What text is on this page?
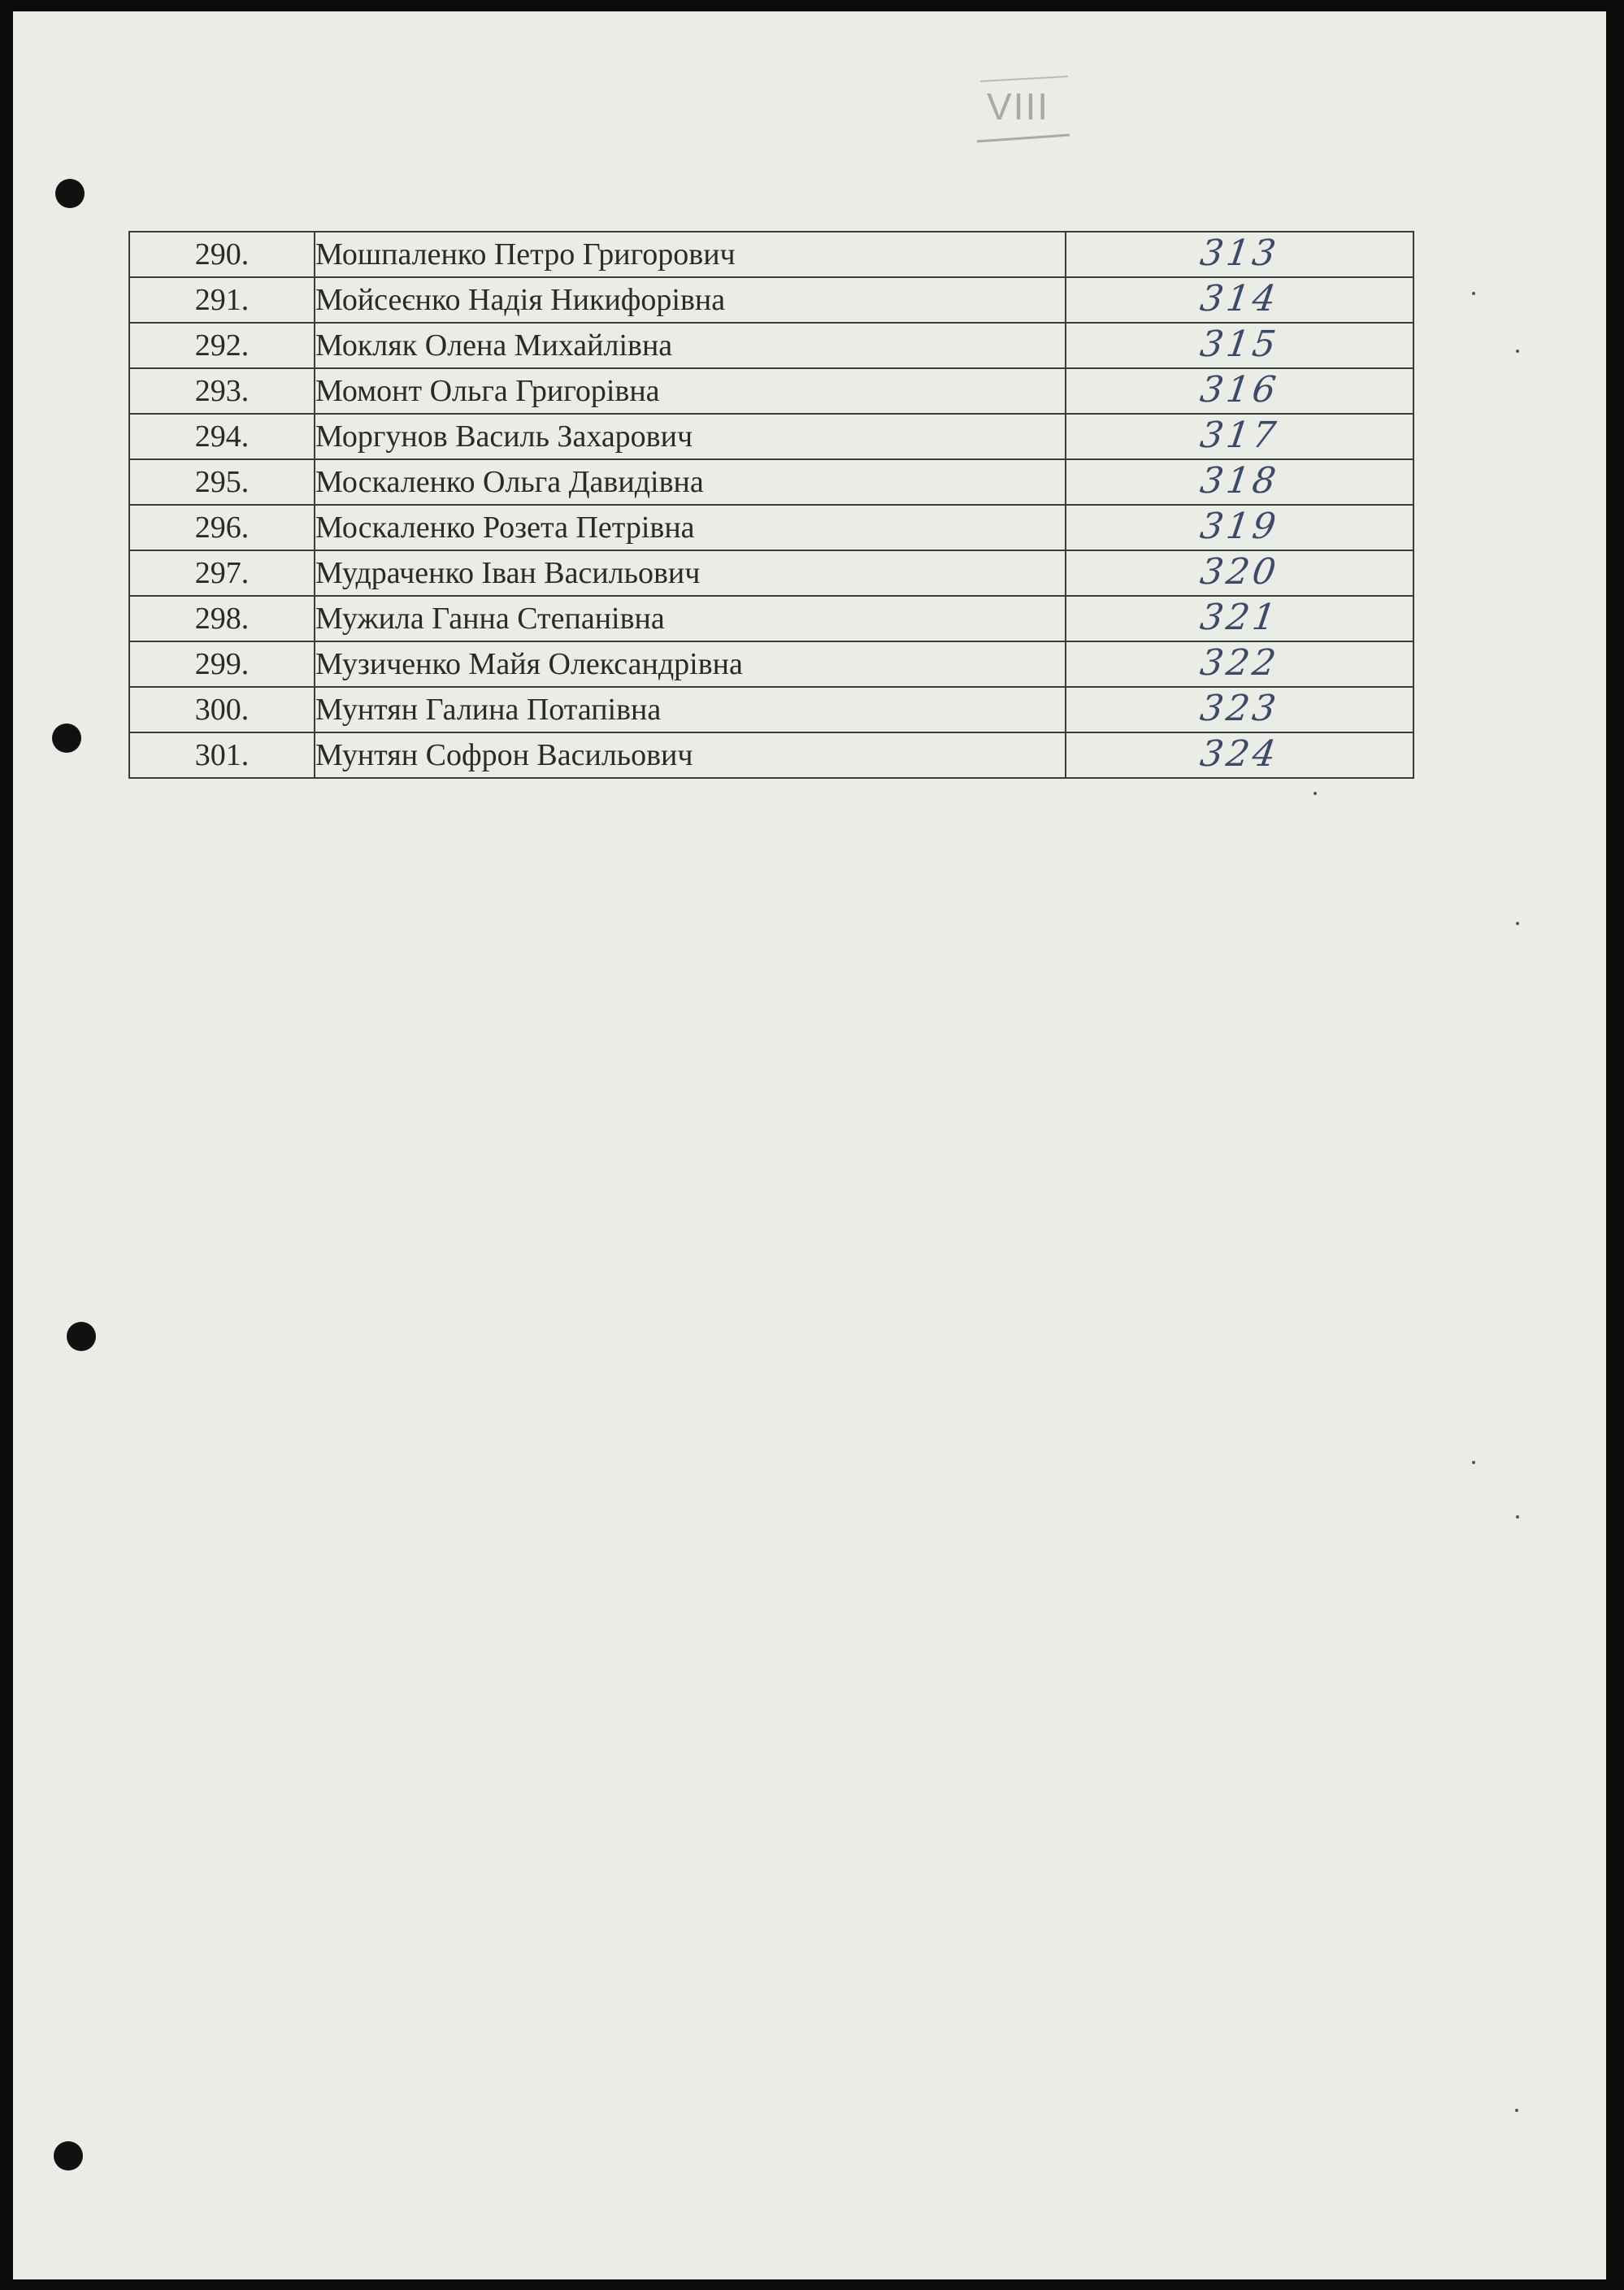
VIII
290.	Мошпаленко Петро Григорович	313
291.	Мойсеєнко Надія Никифорівна	314
292.	Мокляк Олена Михайлівна	315
293.	Момонт Ольга Григорівна	316
294.	Моргунов Василь Захарович	317
295.	Москаленко Ольга Давидівна	318
296.	Москаленко Розета Петрівна	319
297.	Мудраченко Іван Васильович	320
298.	Мужила Ганна Степанівна	321
299.	Музиченко Майя Олександрівна	322
300.	Мунтян Галина Потапівна	323
301.	Мунтян Софрон Васильович	324
